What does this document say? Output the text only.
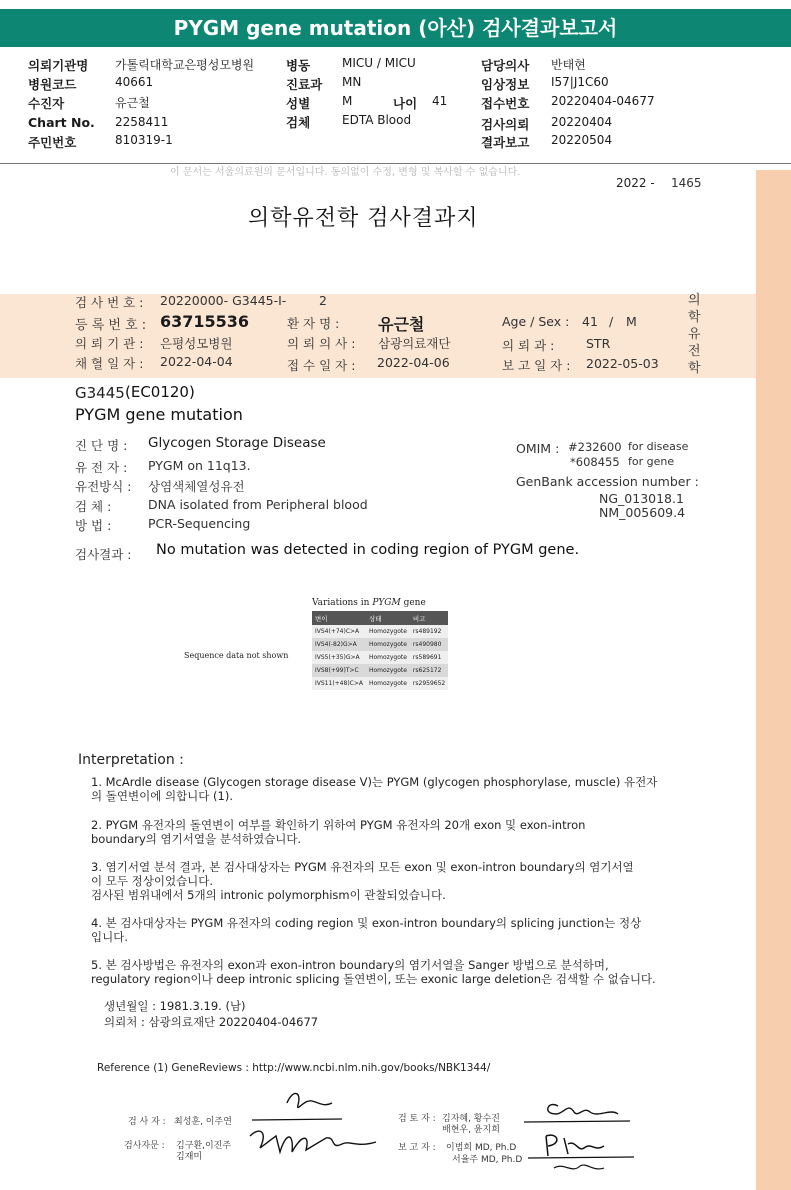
PYGM gene mutation (아산) 검사결과보고서
의뢰기관명 가톨릭대학교은평성모병원	병동	MICU / MICU	담당의사 반태현
병원코드	40661	진료과 MN	임상정보 I57|J1C60
수진자	유근철	성별	M	나이 41	접수번호 20220404-04677
Chart No. 2258411	검체	EDTA Blood	검사의뢰 20220404
주민번호	810319-1	결과보고 20220504
이 문서는 서울의료원의 문서입니다. 동의없이 수정, 변형 및 복사할 수 없습니다.
2022 - 1465
의학유전학 검사결과지
의학유전학
검 사 번 호 : 20220000- G3445-I-	2
등 록 번 호 : 63715536	환 자 명 : 유근철	Age / Sex : 41 / M
의 뢰 기 관 : 은평성모병원	의 뢰 의 사 : 삼광의료재단	의 뢰 과 :	STR
채 혈 일 자 : 2022-04-04	접 수 일 자 : 2022-04-06	보 고 일 자 : 2022-05-03
G3445 (EC0120)
PYGM gene mutation
진 단 명 : Glycogen Storage Disease
유 전 자 : PYGM on 11q13.
유전방식 : 상염색체열성유전
검 체 :	DNA isolated from Peripheral blood
방 법 :	PCR-Sequencing
OMIM : #232600 for disease
*608455 for gene
GenBank accession number :
NG_013018.1
NM_005609.4
검사결과 : No mutation was detected in coding region of PYGM gene.
Sequence data not shown
Variations in PYGM gene
변이	상태	비고
IVS4(+74)C>A	Homozygote	rs489192
IVS4(-82)G>A	Homozygote	rs490980
IVS5(+35)G>A	Homozygote	rs589691
IVS8(+99)T>C	Homozygote	rs625172
IVS11(+48)C>A	Homozygote	rs2959652
Interpretation :

1. McArdle disease (Glycogen storage disease V)는 PYGM (glycogen phosphorylase, muscle) 유전자

의 돌연변이에 의합니다 (1).

2. PYGM 유전자의 돌연변이 여부를 확인하기 위하여 PYGM 유전자의 20개 exon 및 exon-intron

boundary의 염기서열을 분석하였습니다.

3. 염기서열 분석 결과, 본 검사대상자는 PYGM 유전자의 모든 exon 및 exon-intron boundary의 염기서열

이 모두 정상이었습니다.

검사된 범위내에서 5개의 intronic polymorphism이 관찰되었습니다.

4. 본 검사대상자는 PYGM 유전자의 coding region 및 exon-intron boundary의 splicing junction는 정상

입니다.

5. 본 검사방법은 유전자의 exon과 exon-intron boundary의 염기서열을 Sanger 방법으로 분석하며,

regulatory region이나 deep intronic splicing 돌연변이, 또는 exonic large deletion은 검색할 수 없습니다.

생년월일 : 1981.3.19. (남)
의뢰처 : 삼광의료재단 20220404-04677
Reference (1) GeneReviews : http://www.ncbi.nlm.nih.gov/books/NBK1344/
검 사 자 : 최성훈, 이주연
검사자문 : 김구환,이진주
김재미
검 토 자 : 김자혜, 황수진
배현우, 윤지희
보 고 자 : 이범희 MD, Ph.D
서율주 MD, Ph.D
